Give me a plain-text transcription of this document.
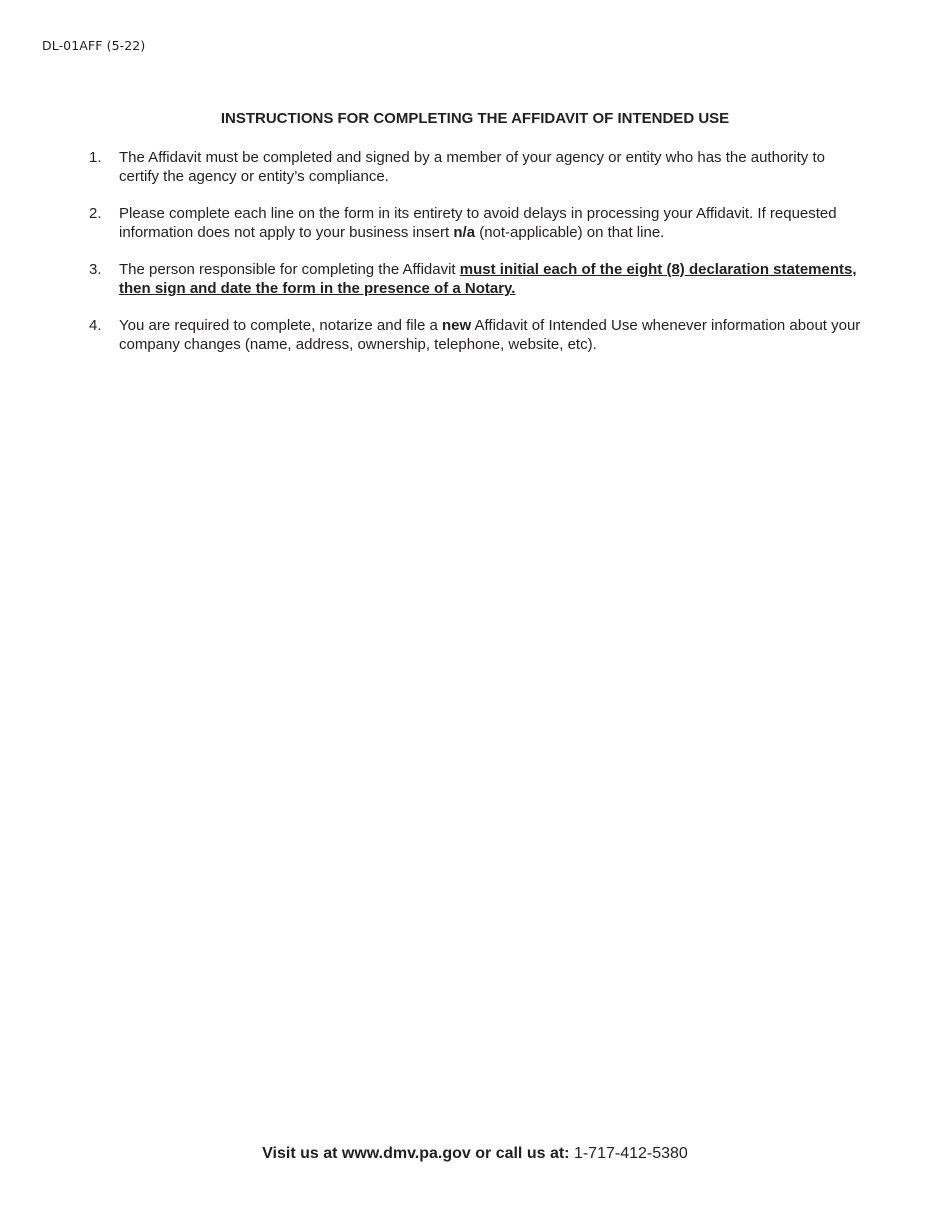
DL-01AFF (5-22)
INSTRUCTIONS FOR COMPLETING THE AFFIDAVIT OF INTENDED USE
1.	The Affidavit must be completed and signed by a member of your agency or entity who has the authority to certify the agency or entity’s compliance.
2.	Please complete each line on the form in its entirety to avoid delays in processing your Affidavit. If requested information does not apply to your business insert n/a (not-applicable) on that line.
3.	The person responsible for completing the Affidavit must initial each of the eight (8) declaration statements, then sign and date the form in the presence of a Notary.
4.	You are required to complete, notarize and file a new Affidavit of Intended Use whenever information about your company changes (name, address, ownership, telephone, website, etc).
Visit us at www.dmv.pa.gov or call us at: 1-717-412-5380
